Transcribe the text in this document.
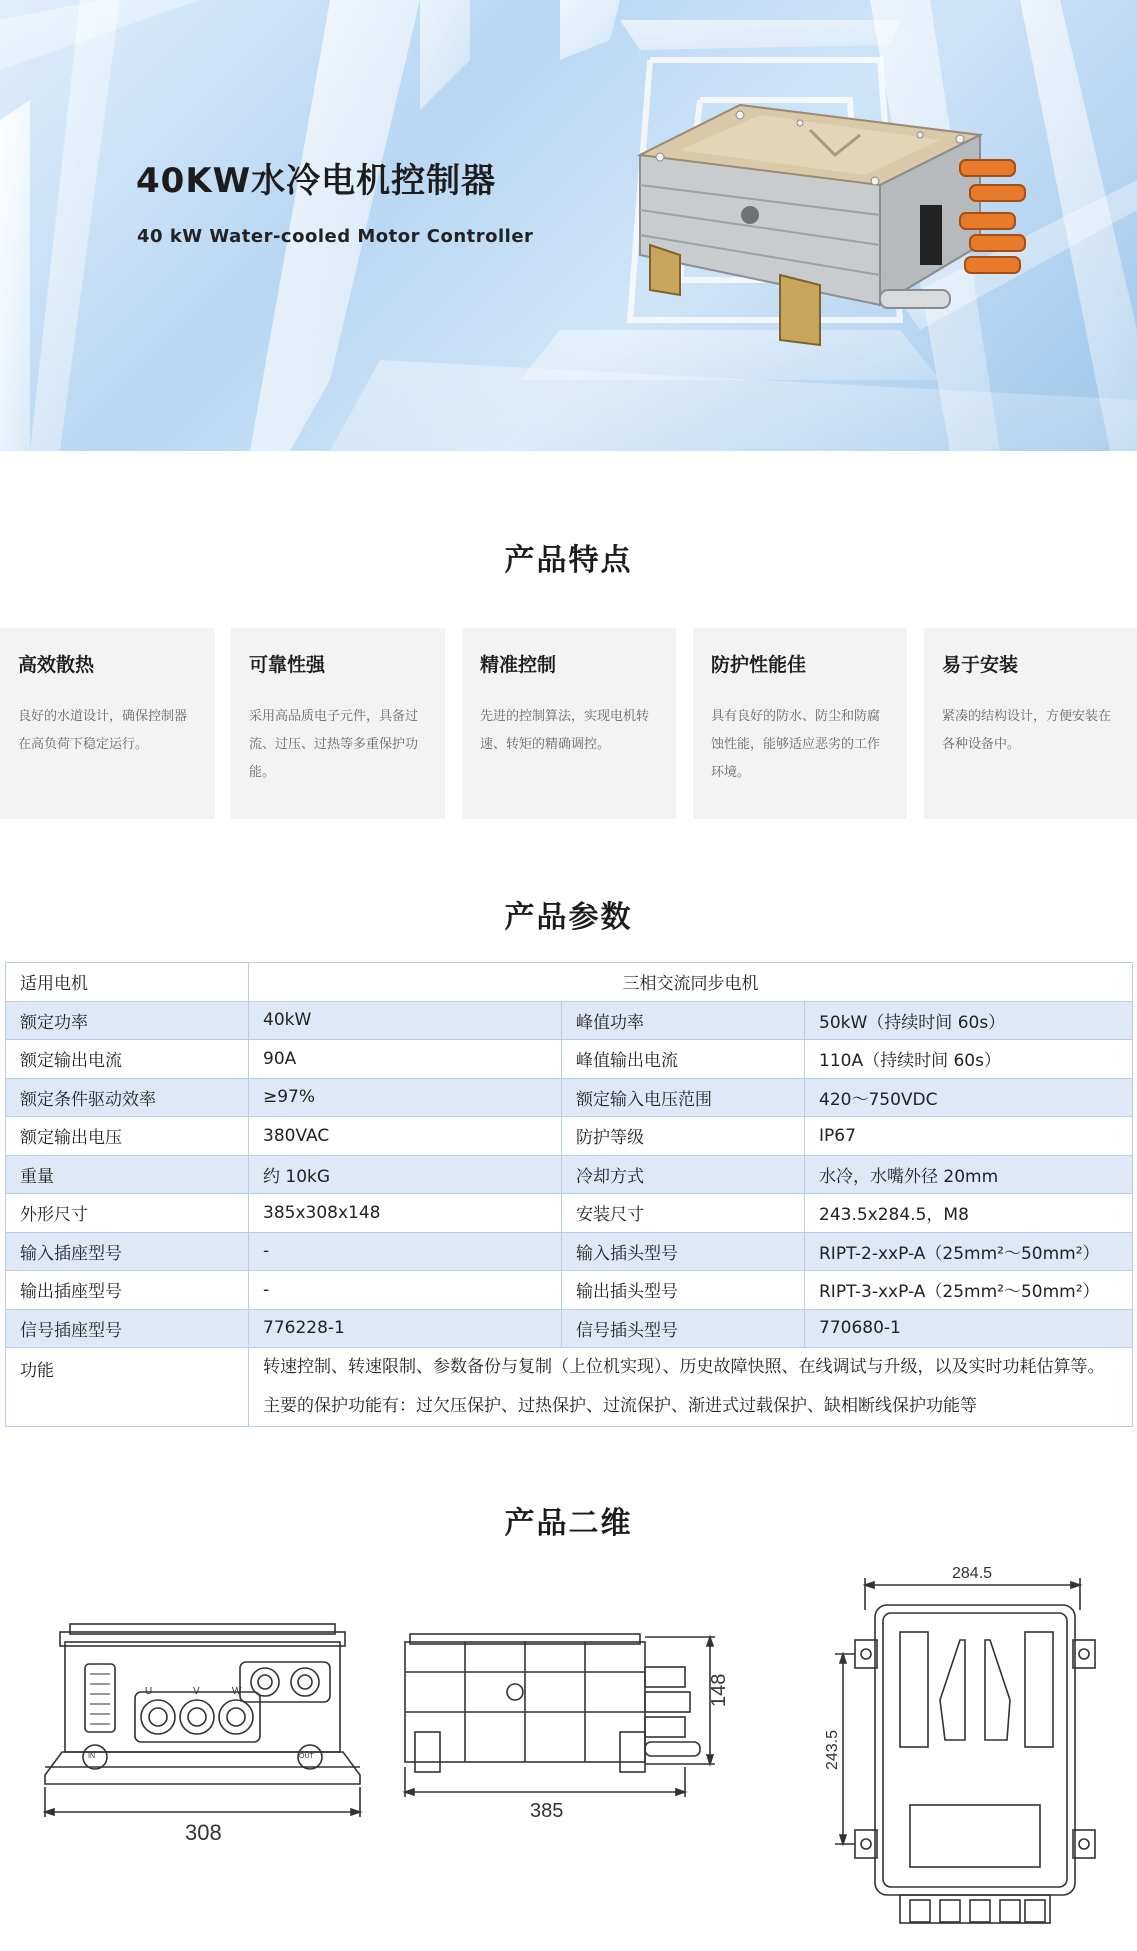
40KW水冷电机控制器
40 kW Water-cooled Motor Controller
产品特点
高效散热

良好的水道设计，确保控制器在高负荷下稳定运行。

可靠性强

采用高品质电子元件，具备过流、过压、过热等多重保护功能。

精准控制

先进的控制算法，实现电机转速、转矩的精确调控。

防护性能佳

具有良好的防水、防尘和防腐蚀性能，能够适应恶劣的工作环境。

易于安装

紧凑的结构设计，方便安装在各种设备中。

产品参数
适用电机	三相交流同步电机		
额定功率	40kW	峰值功率	50kW（持续时间 60s）
额定输出电流	90A	峰值输出电流	110A（持续时间 60s）
额定条件驱动效率	≥97%	额定输入电压范围	420～750VDC
额定输出电压	380VAC	防护等级	IP67
重量	约 10kG	冷却方式	水冷，水嘴外径 20mm
外形尺寸	385x308x148	安装尺寸	243.5x284.5，M8
输入插座型号	-	输入插头型号	RIPT-2-xxP-A（25mm²～50mm²）
输出插座型号	-	输出插头型号	RIPT-3-xxP-A（25mm²～50mm²）
信号插座型号	776228-1	信号插头型号	770680-1
功能	转速控制、转速限制、参数备份与复制（上位机实现）、历史故障快照、在线调试与升级，以及实时功耗估算等。主要的保护功能有：过欠压保护、过热保护、过流保护、渐进式过载保护、缺相断线保护功能等		
产品二维
U	V	W
IN	OUT
308
148
385
284.5
243.5
